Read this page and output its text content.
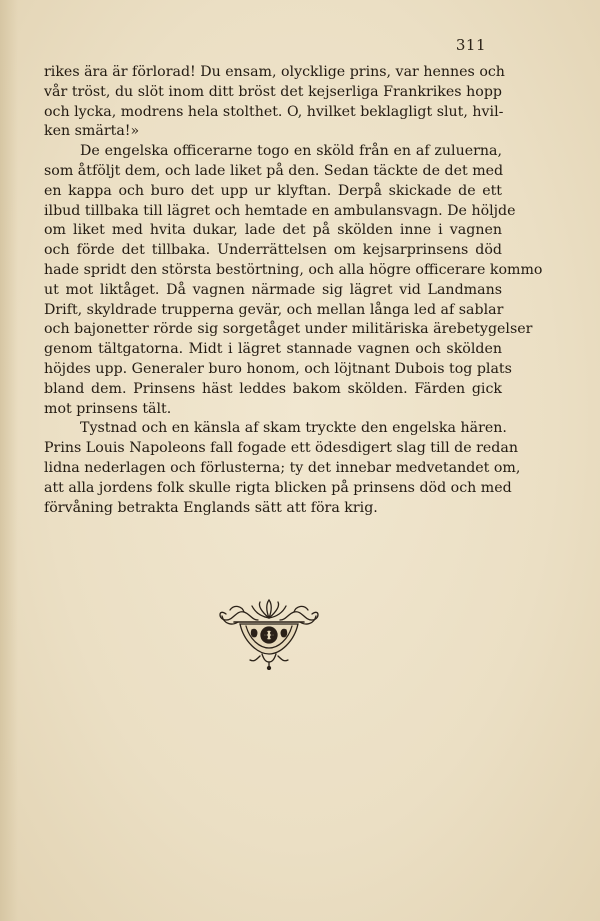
311

rikes ära är förlorad! Du ensam, olycklige prins, var hennes och
vår tröst, du slöt inom ditt bröst det kejserliga Frankrikes hopp
och lycka, modrens hela stolthet. O, hvilket beklagligt slut, hvil-
ken smärta!»

De engelska officerarne togo en sköld från en af zuluerna,
som åtföljt dem, och lade liket på den. Sedan täckte de det med
en kappa och buro det upp ur klyftan. Derpå skickade de ett
ilbud tillbaka till lägret och hemtade en ambulansvagn. De höljde
om liket med hvita dukar, lade det på skölden inne i vagnen
och förde det tillbaka. Underrättelsen om kejsarprinsens död
hade spridt den största bestörtning, och alla högre officerare kommo
ut mot liktåget. Då vagnen närmade sig lägret vid Landmans
Drift, skyldrade trupperna gevär, och mellan långa led af sablar
och bajonetter rörde sig sorgetåget under militäriska ärebetygelser
genom tältgatorna. Midt i lägret stannade vagnen och skölden
höjdes upp. Generaler buro honom, och löjtnant Dubois tog plats
bland dem. Prinsens häst leddes bakom skölden. Färden gick
mot prinsens tält.

Tystnad och en känsla af skam tryckte den engelska hären.
Prins Louis Napoleons fall fogade ett ödesdigert slag till de redan
lidna nederlagen och förlusterna; ty det innebar medvetandet om,
att alla jordens folk skulle rigta blicken på prinsens död och med
förvåning betrakta Englands sätt att föra krig.
